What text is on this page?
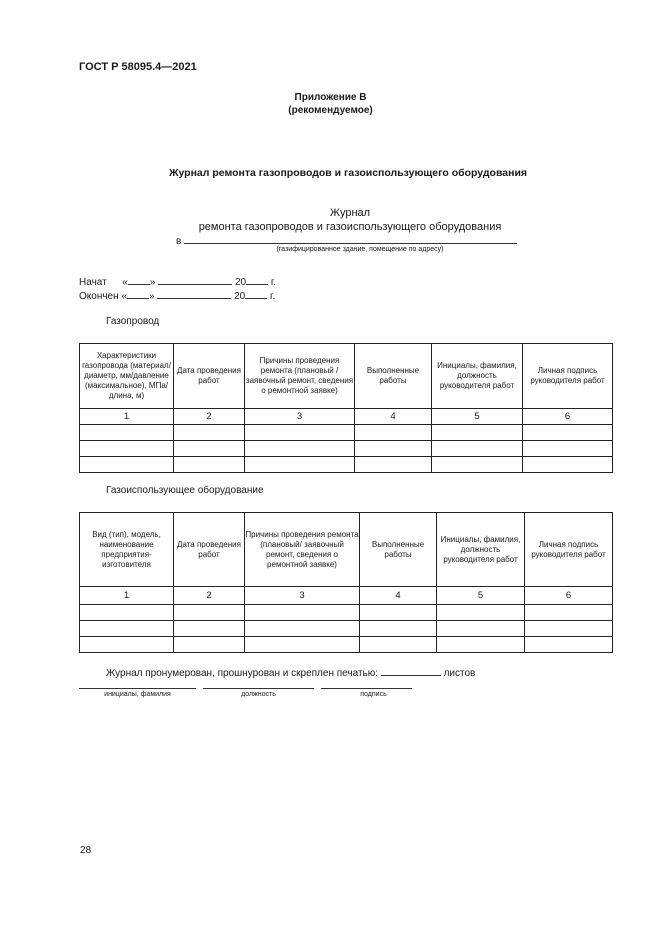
ГОСТ Р 58095.4—2021
Приложение В
(рекомендуемое)
Журнал ремонта газопроводов и газоиспользующего оборудования
Журнал
ремонта газопроводов и газоиспользующего оборудования
в
(газифицированное здание, помещение по адресу)
Начат « »	20 г.
Окончен « »	20 г.
Газопровод
Характеристики газопровода (материал/диаметр, мм/давление (максимальное), МПа/длина, м)	Дата проведения работ	Причины проведения ремонта (плановый /заявочный ремонт, сведения о ремонтной заявке)	Выполненные работы	Инициалы, фамилия, должность руководителя работ	Личная подпись руководителя работ
1	2	3	4	5	6

Газоиспользующее оборудование
Вид (тип), модель, наименование предприятия-изготовителя	Дата проведения работ	Причины проведения ремонта (плановый/ заявочный ремонт, сведения о ремонтной заявке)	Выполненные работы	Инициалы, фамилия, должность руководителя работ	Личная подпись руководителя работ
1	2	3	4	5	6

Журнал пронумерован, прошнурован и скреплен печатью:	листов
инициалы, фамилия	должность	подпись
28
